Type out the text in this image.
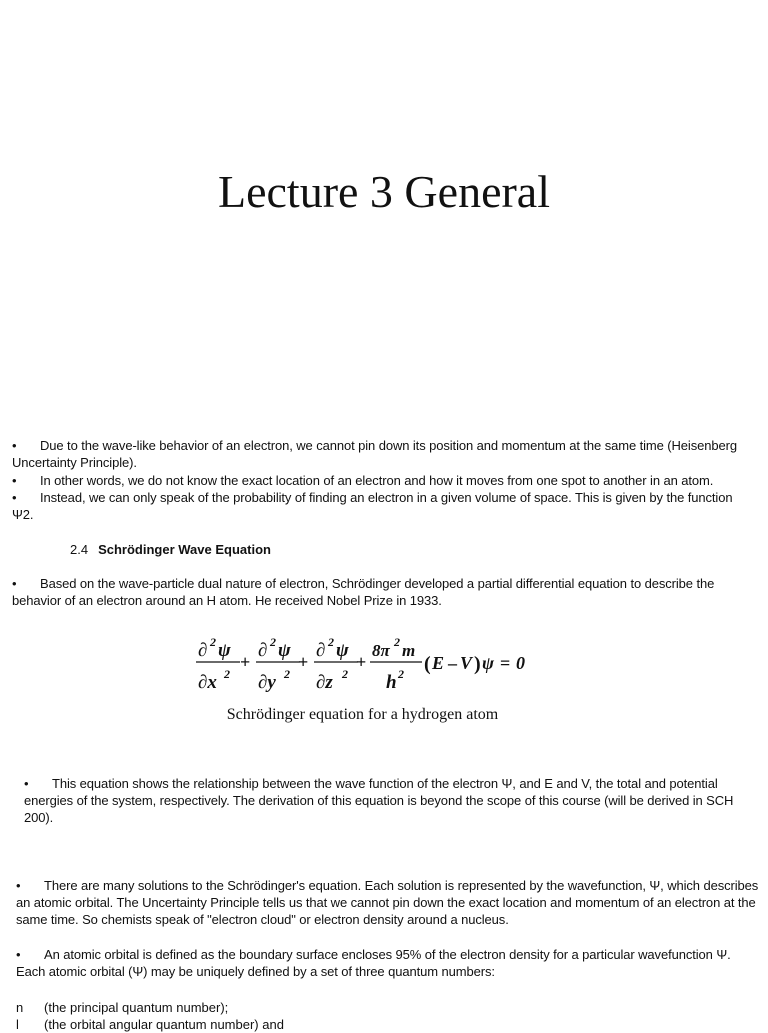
Lecture 3 General

• Due to the wave-like behavior of an electron, we cannot pin down its position and momentum at the same time (Heisenberg Uncertainty Principle).

• In other words, we do not know the exact location of an electron and how it moves from one spot to another in an atom.

• Instead, we can only speak of the probability of finding an electron in a given volume of space. This is given by the function Ψ2.

2.4 Schrödinger Wave Equation

• Based on the wave-particle dual nature of electron, Schrödinger developed a partial differential equation to describe the behavior of an electron around an H atom. He received Nobel Prize in 1933.

∂ 2 ψ
∂x 2
+
∂ 2 ψ
∂y 2
+
∂ 2 ψ
∂z 2
+
8π 2 m
h 2 ( E – V ) ψ = 0
Schrödinger equation for a hydrogen atom

• This equation shows the relationship between the wave function of the electron Ψ, and E and V, the total and potential energies of the system, respectively. The derivation of this equation is beyond the scope of this course (will be derived in SCH 200).

• There are many solutions to the Schrödinger's equation. Each solution is represented by the wavefunction, Ψ, which describes an atomic orbital. The Uncertainty Principle tells us that we cannot pin down the exact location and momentum of an electron at the same time. So chemists speak of "electron cloud" or electron density around a nucleus.

• An atomic orbital is defined as the boundary surface encloses 95% of the electron density for a particular wavefunction Ψ. Each atomic orbital (Ψ) may be uniquely defined by a set of three quantum numbers:

n (the principal quantum number);
l (the orbital angular quantum number) and
